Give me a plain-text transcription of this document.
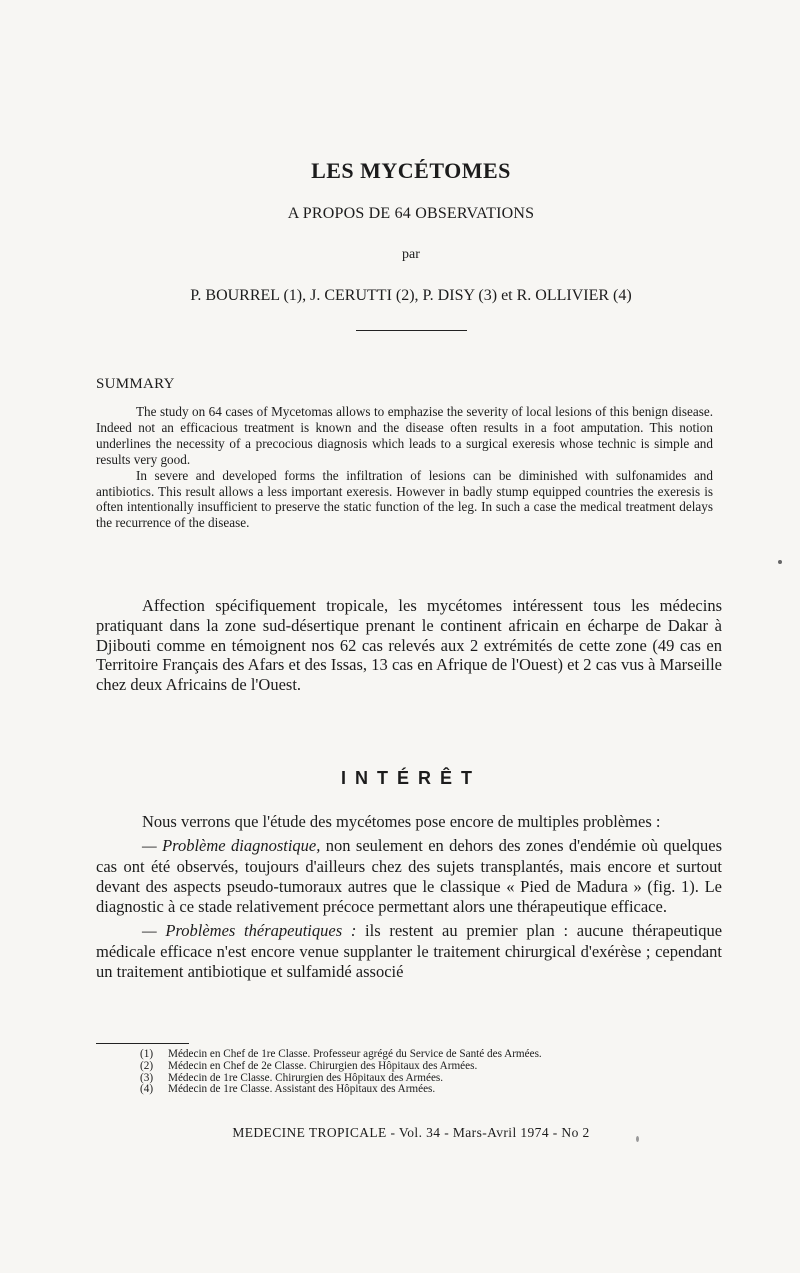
LES MYCÉTOMES
A PROPOS DE 64 OBSERVATIONS
par
P. BOURREL (1), J. CERUTTI (2), P. DISY (3) et R. OLLIVIER (4)
SUMMARY

The study on 64 cases of Mycetomas allows to emphazise the severity of local lesions of this benign disease. Indeed not an efficacious treatment is known and the disease often results in a foot amputation. This notion underlines the necessity of a precocious diagnosis which leads to a surgical exeresis whose technic is simple and results very good.

In severe and developed forms the infiltration of lesions can be diminished with sulfonamides and antibiotics. This result allows a less important exeresis. However in badly stump equipped countries the exeresis is often intentionally insufficient to preserve the static function of the leg. In such a case the medical treatment delays the recurrence of the disease.

Affection spécifiquement tropicale, les mycétomes intéressent tous les médecins pratiquant dans la zone sud-désertique prenant le continent africain en écharpe de Dakar à Djibouti comme en témoignent nos 62 cas relevés aux 2 extrémités de cette zone (49 cas en Territoire Français des Afars et des Issas, 13 cas en Afrique de l'Ouest) et 2 cas vus à Marseille chez deux Africains de l'Ouest.

INTÉRÊT

Nous verrons que l'étude des mycétomes pose encore de multiples problèmes :

— Problème diagnostique, non seulement en dehors des zones d'endémie où quelques cas ont été observés, toujours d'ailleurs chez des sujets transplantés, mais encore et surtout devant des aspects pseudo-tumoraux autres que le classique « Pied de Madura » (fig. 1). Le diagnostic à ce stade relativement précoce permettant alors une thérapeutique efficace.

— Problèmes thérapeutiques : ils restent au premier plan : aucune thérapeutique médicale efficace n'est encore venue supplanter le traitement chirurgical d'exérèse ; cependant un traitement antibiotique et sulfamidé associé

(1)	Médecin en Chef de 1re Classe. Professeur agrégé du Service de Santé des Armées.
(2)	Médecin en Chef de 2e Classe. Chirurgien des Hôpitaux des Armées.
(3)	Médecin de 1re Classe. Chirurgien des Hôpitaux des Armées.
(4)	Médecin de 1re Classe. Assistant des Hôpitaux des Armées.
MEDECINE TROPICALE - Vol. 34 - Mars-Avril 1974 - No 2
